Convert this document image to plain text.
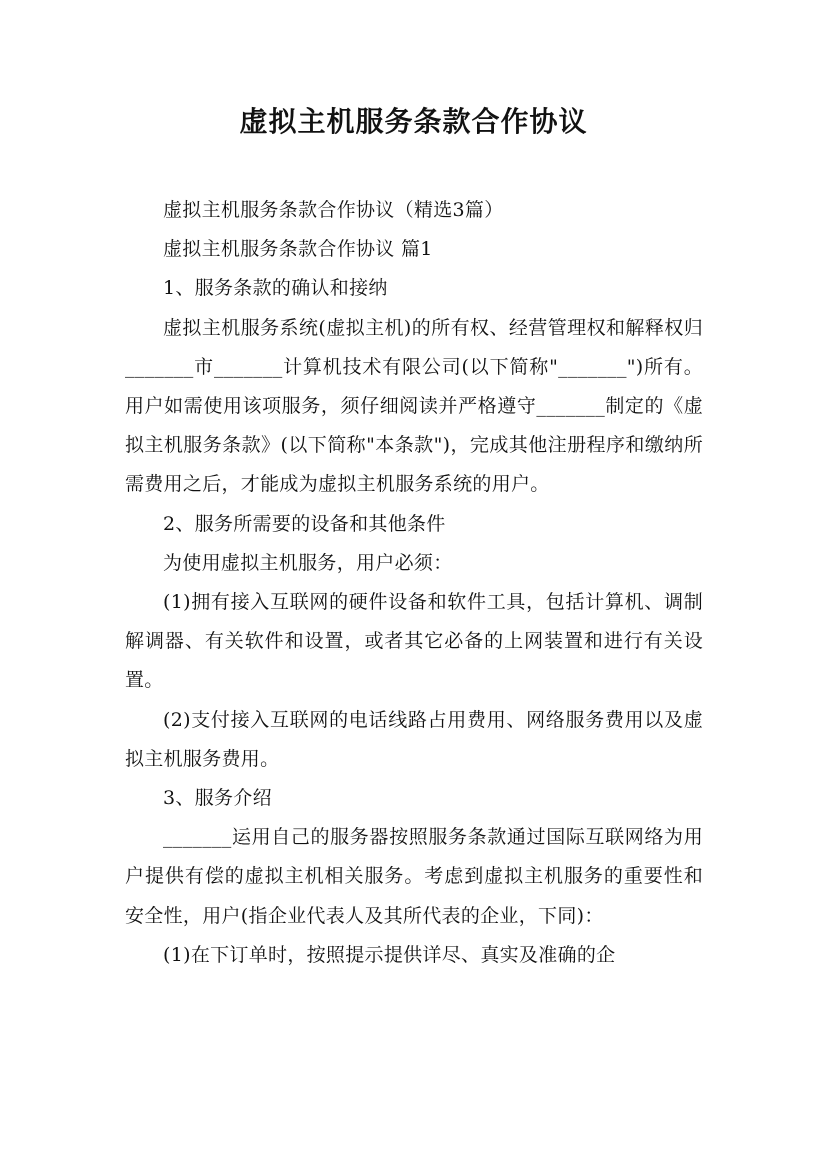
虚拟主机服务条款合作协议

虚拟主机服务条款合作协议（精选3篇）

虚拟主机服务条款合作协议 篇1

1、服务条款的确认和接纳

虚拟主机服务系统(虚拟主机)的所有权、经营管理权和解释权归_______市_______计算机技术有限公司(以下简称"_______")所有。用户如需使用该项服务，须仔细阅读并严格遵守_______制定的《虚拟主机服务条款》(以下简称"本条款")，完成其他注册程序和缴纳所需费用之后，才能成为虚拟主机服务系统的用户。

2、服务所需要的设备和其他条件

为使用虚拟主机服务，用户必须：

(1)拥有接入互联网的硬件设备和软件工具，包括计算机、调制解调器、有关软件和设置，或者其它必备的上网装置和进行有关设置。

(2)支付接入互联网的电话线路占用费用、网络服务费用以及虚拟主机服务费用。

3、服务介绍

_______运用自己的服务器按照服务条款通过国际互联网络为用户提供有偿的虚拟主机相关服务。考虑到虚拟主机服务的重要性和安全性，用户(指企业代表人及其所代表的企业，下同)：

(1)在下订单时，按照提示提供详尽、真实及准确的企
